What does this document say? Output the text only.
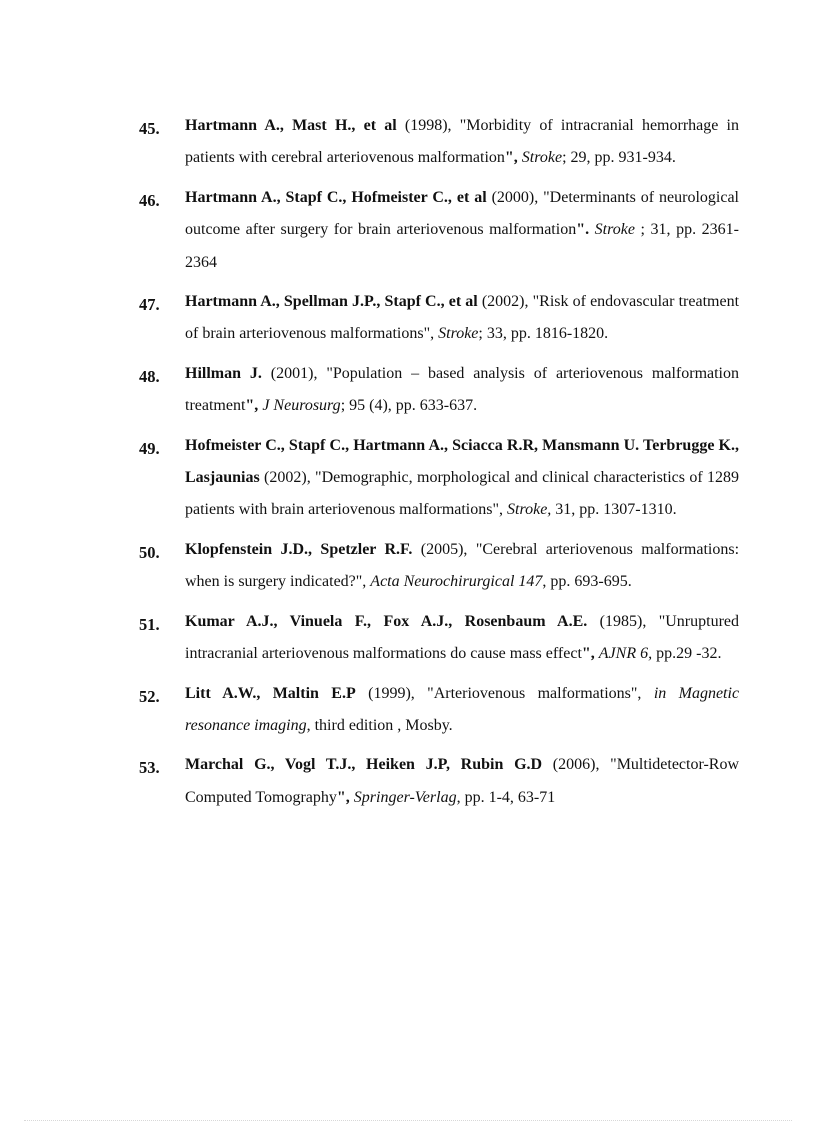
45. Hartmann A., Mast H., et al (1998), "Morbidity of intracranial hemorrhage in patients with cerebral arteriovenous malformation", Stroke; 29, pp. 931-934.
46. Hartmann A., Stapf C., Hofmeister C., et al (2000), "Determinants of neurological outcome after surgery for brain arteriovenous malformation". Stroke ; 31, pp. 2361-2364
47. Hartmann A., Spellman J.P., Stapf C., et al (2002), "Risk of endovascular treatment of brain arteriovenous malformations", Stroke; 33, pp. 1816-1820.
48. Hillman J. (2001), "Population – based analysis of arteriovenous malformation treatment", J Neurosurg; 95 (4), pp. 633-637.
49. Hofmeister C., Stapf C., Hartmann A., Sciacca R.R, Mansmann U. Terbrugge K., Lasjaunias (2002), "Demographic, morphological and clinical characteristics of 1289 patients with brain arteriovenous malformations", Stroke, 31, pp. 1307-1310.
50. Klopfenstein J.D., Spetzler R.F. (2005), "Cerebral arteriovenous malformations: when is surgery indicated?", Acta Neurochirurgical 147, pp. 693-695.
51. Kumar A.J., Vinuela F., Fox A.J., Rosenbaum A.E. (1985), "Unruptured intracranial arteriovenous malformations do cause mass effect", AJNR 6, pp.29 -32.
52. Litt A.W., Maltin E.P (1999), "Arteriovenous malformations", in Magnetic resonance imaging, third edition , Mosby.
53. Marchal G., Vogl T.J., Heiken J.P, Rubin G.D (2006), "Multidetector-Row Computed Tomography", Springer-Verlag, pp. 1-4, 63-71
